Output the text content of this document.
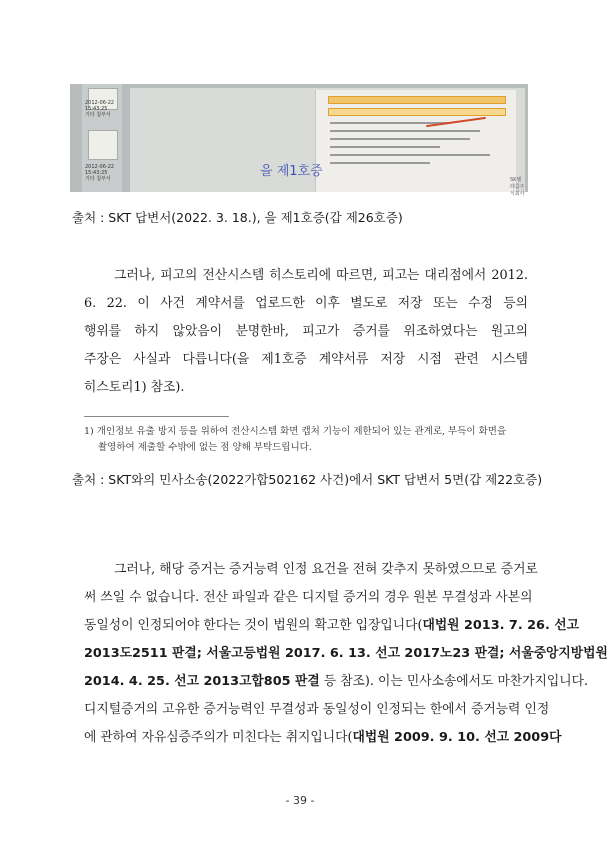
2012-06-22
15:43:25
기타 첨부서
2012-06-22
15:43:25
기타 첨부서	을 제1호증
SK텔레콤주식회사
출처 : SKT 답변서(2022. 3. 18.), 을 제1호증(갑 제26호증)
그러나, 피고의 전산시스템 히스토리에 따르면, 피고는 대리점에서 2012.
6. 22. 이 사건 계약서를 업로드한 이후 별도로 저장 또는 수정 등의
행위를 하지 않았음이 분명한바, 피고가 증거를 위조하였다는 원고의
주장은 사실과 다릅니다(을 제1호증 계약서류 저장 시점 관련 시스템
히스토리1) 참조).
1) 개인정보 유출 방지 등을 위하여 전산시스템 화면 캡처 기능이 제한되어 있는 관계로, 부득이 화면을
촬영하여 제출할 수밖에 없는 점 양해 부탁드립니다.
출처 : SKT와의 민사소송(2022가합502162 사건)에서 SKT 답변서 5면(갑 제22호증)
그러나, 해당 증거는 증거능력 인정 요건을 전혀 갖추지 못하였으므로 증거로
써 쓰일 수 없습니다. 전산 파일과 같은 디지털 증거의 경우 원본 무결성과 사본의
동일성이 인정되어야 한다는 것이 법원의 확고한 입장입니다(대법원 2013. 7. 26. 선고
2013도2511 판결; 서울고등법원 2017. 6. 13. 선고 2017노23 판결; 서울중앙지방법원
2014. 4. 25. 선고 2013고합805 판결 등 참조). 이는 민사소송에서도 마찬가지입니다.
디지털증거의 고유한 증거능력인 무결성과 동일성이 인정되는 한에서 증거능력 인정
에 관하여 자유심증주의가 미친다는 취지입니다(대법원 2009. 9. 10. 선고 2009다
- 39 -
